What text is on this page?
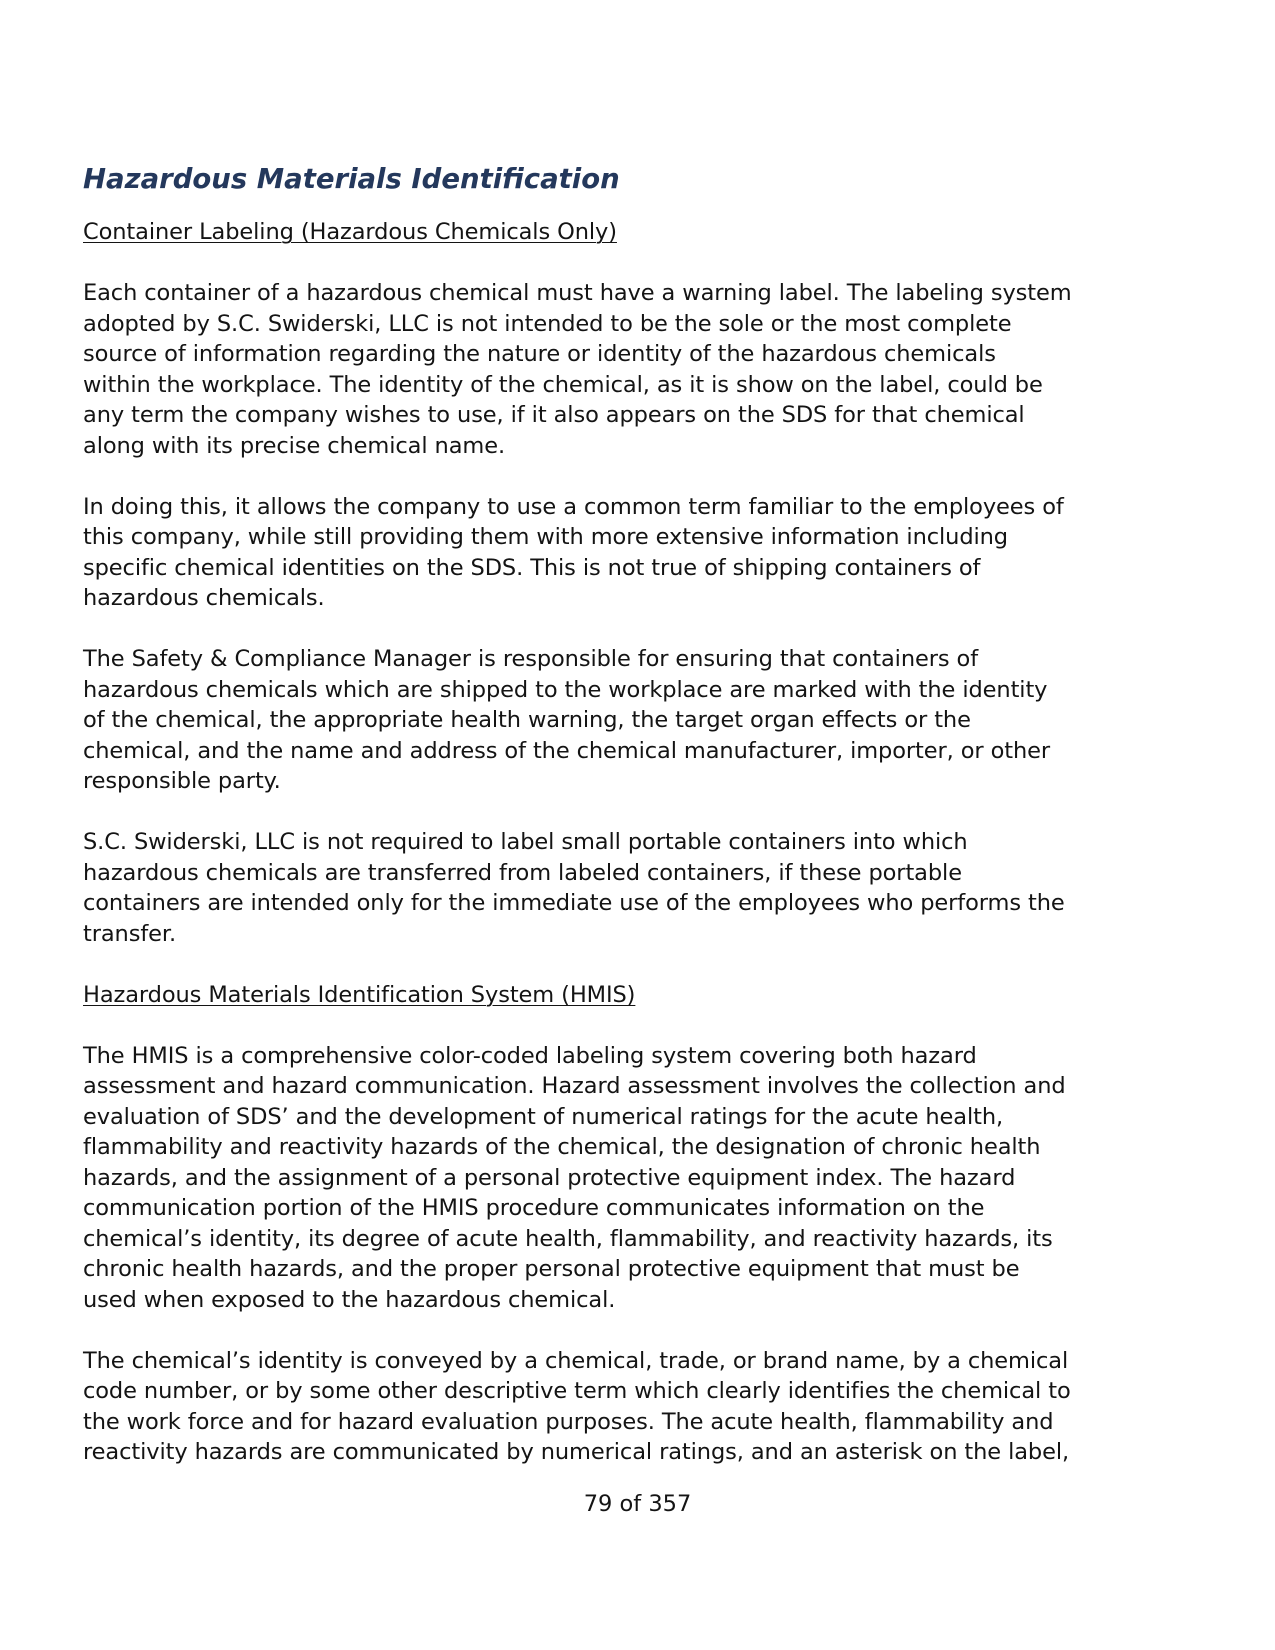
Hazardous Materials Identification
Container Labeling (Hazardous Chemicals Only)

Each container of a hazardous chemical must have a warning label. The labeling system
adopted by S.C. Swiderski, LLC is not intended to be the sole or the most complete
source of information regarding the nature or identity of the hazardous chemicals
within the workplace. The identity of the chemical, as it is show on the label, could be
any term the company wishes to use, if it also appears on the SDS for that chemical
along with its precise chemical name.

In doing this, it allows the company to use a common term familiar to the employees of
this company, while still providing them with more extensive information including
specific chemical identities on the SDS. This is not true of shipping containers of
hazardous chemicals.

The Safety & Compliance Manager is responsible for ensuring that containers of
hazardous chemicals which are shipped to the workplace are marked with the identity
of the chemical, the appropriate health warning, the target organ effects or the
chemical, and the name and address of the chemical manufacturer, importer, or other
responsible party.

S.C. Swiderski, LLC is not required to label small portable containers into which
hazardous chemicals are transferred from labeled containers, if these portable
containers are intended only for the immediate use of the employees who performs the
transfer.

Hazardous Materials Identification System (HMIS)

The HMIS is a comprehensive color-coded labeling system covering both hazard
assessment and hazard communication. Hazard assessment involves the collection and
evaluation of SDS’ and the development of numerical ratings for the acute health,
flammability and reactivity hazards of the chemical, the designation of chronic health
hazards, and the assignment of a personal protective equipment index. The hazard
communication portion of the HMIS procedure communicates information on the
chemical’s identity, its degree of acute health, flammability, and reactivity hazards, its
chronic health hazards, and the proper personal protective equipment that must be
used when exposed to the hazardous chemical.

The chemical’s identity is conveyed by a chemical, trade, or brand name, by a chemical
code number, or by some other descriptive term which clearly identifies the chemical to
the work force and for hazard evaluation purposes. The acute health, flammability and
reactivity hazards are communicated by numerical ratings, and an asterisk on the label,

79 of 357
